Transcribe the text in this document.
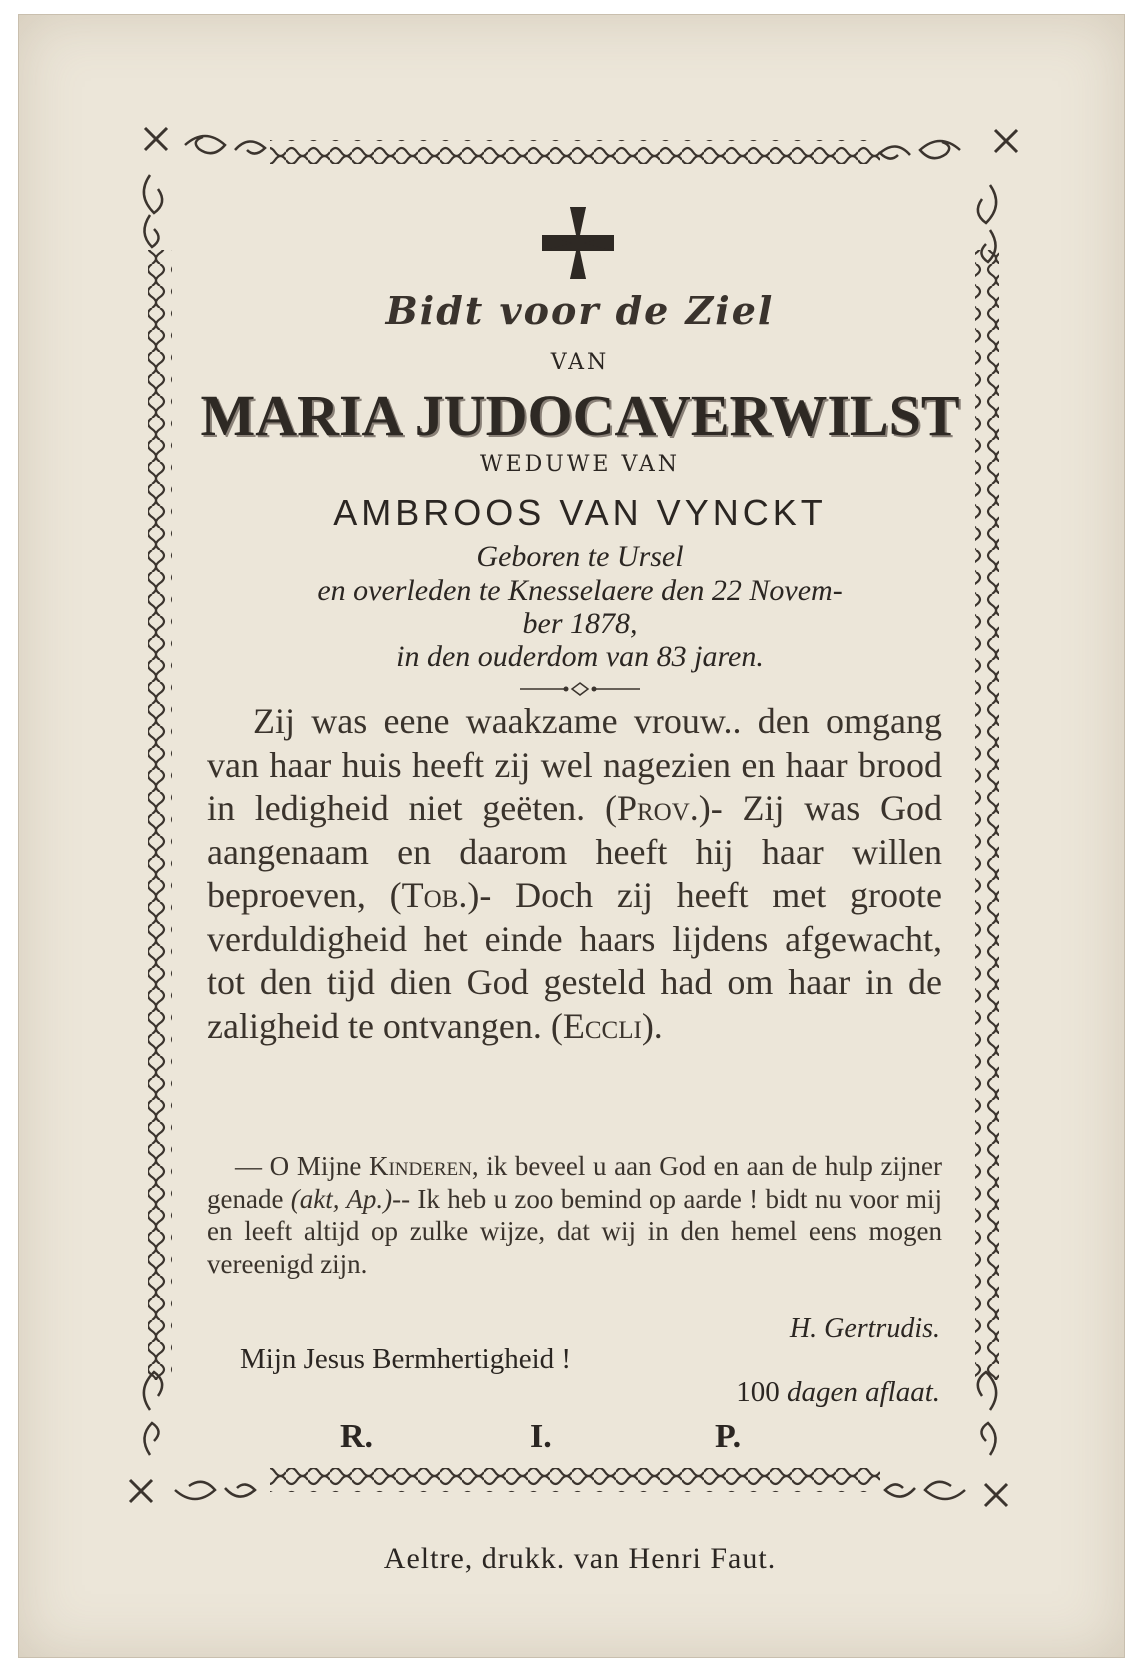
Bidt voor de Ziel
VAN
MARIA JUDOCAVERWILST
WEDUWE VAN
AMBROOS VAN VYNCKT
Geboren te Ursel
en overleden te Knesselaere den 22 Novem-
ber 1878,
in den ouderdom van 83 jaren.

Zij was eene waakzame vrouw.. den omgang van haar huis heeft zij wel nagezien en haar brood in ledigheid niet geëten. (Prov.)- Zij was God aangenaam en daarom heeft hij haar willen beproeven, (Tob.)- Doch zij heeft met groote verduldigheid het einde haars lijdens afgewacht, tot den tijd dien God gesteld had om haar in de zaligheid te ontvangen. (Eccli).

— O Mijne Kinderen, ik beveel u aan God en aan de hulp zijner genade (akt, Ap.)-- Ik heb u zoo bemind op aarde ! bidt nu voor mij en leeft altijd op zulke wijze, dat wij in den hemel eens mogen vereenigd zijn.

H. Gertrudis.
Mijn Jesus Bermhertigheid !
100 dagen aflaat.
R.	I.	P.
Aeltre, drukk. van Henri Faut.
